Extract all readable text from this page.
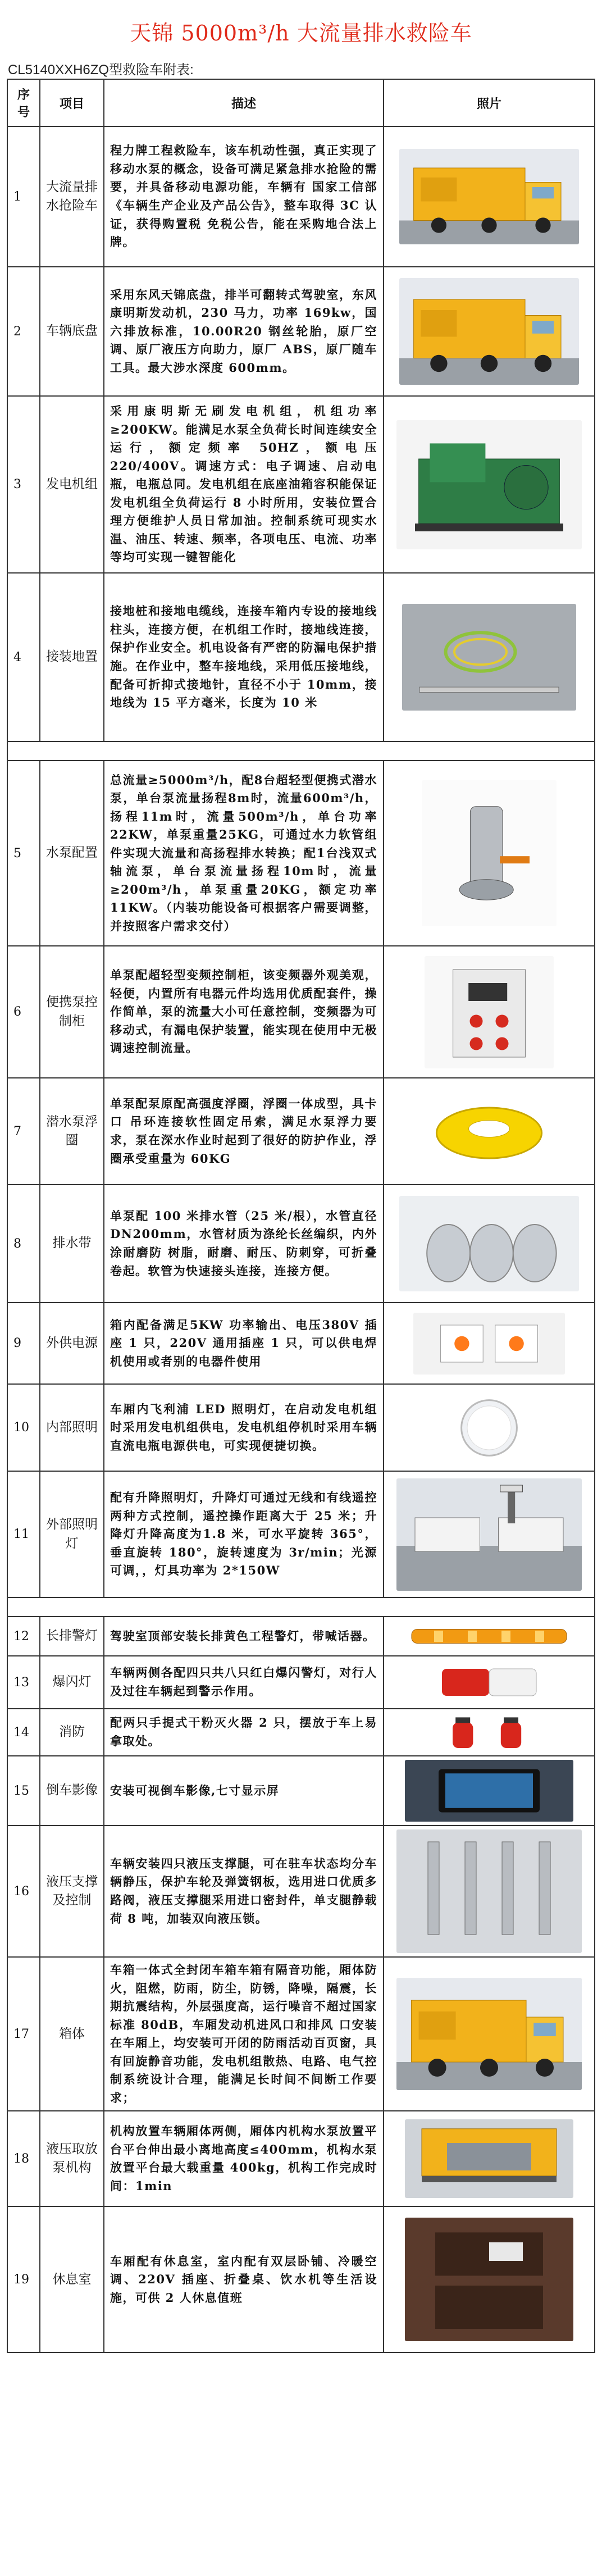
天锦 5000m³/h 大流量排水救险车
CL5140XXH6ZQ型救险车附表:
序号	项目	描述	照片
1	大流量排水抢险车	程力牌工程救险车，该车机动性强，真正实现了移动水泵的概念，设备可满足紧急排水抢险的需要，并具备移动电源功能，车辆有 国家工信部《车辆生产企业及产品公告》，整车取得 3C 认证，获得购置税 免税公告，能在采购地合法上牌。	

2	车辆底盘	采用东风天锦底盘，排半可翻转式驾驶室，东风康明斯发动机，230 马力，功率 169kw，国六排放标准，10.00R20 钢丝轮胎，原厂空调、原厂液压方向助力，原厂 ABS，原厂随车工具。最大涉水深度 600mm。	

3	发电机组	采用康明斯无刷发电机组，机组功率≥200KW。能满足水泵全负荷长时间连续安全运行，额定频率 50HZ，额电压 220/400V。调速方式：电子调速、启动电瓶，电瓶总同。发电机组在底座油箱容积能保证发电机组全负荷运行 8 小时所用，安装位置合理方便维护人员日常加油。控制系统可现实水温、油压、转速、频率，各项电压、电流、功率等均可实现一键智能化	

4	接装地置	接地桩和接地电缆线，连接车箱内专设的接地线柱头，连接方便，在机组工作时，接地线连接，保护作业安全。机电设备有严密的防漏电保护措施。在作业中，整车接地线，采用低压接地线，配备可折抑式接地针，直径不小于 10mm，接地线为 15 平方毫米，长度为 10 米	

5	水泵配置	总流量≥5000m³/h，配8台超轻型便携式潜水泵，单台泵流量扬程8m时，流量600m³/h，扬程11m时，流量500m³/h，单台功率22KW，单泵重量25KG，可通过水力软管组件实现大流量和高扬程排水转换；配1台浅双式轴流泵，单台泵流量扬程10m时，流量≥200m³/h，单泵重量20KG，额定功率11KW。（内装功能设备可根据客户需要调整，并按照客户需求交付）	

6	便携泵控制柜	单泵配超轻型变频控制柜，该变频器外观美观，轻便，内置所有电器元件均选用优质配套件，操作简单，泵的流量大小可任意控制，变频器为可移动式，有漏电保护装置，能实现在使用中无极调速控制流量。	

7	潜水泵浮圈	单泵配泵原配高强度浮圈，浮圈一体成型，具卡 口 吊环连接软性固定吊索，满足水泵浮力要求，泵在深水作业时起到了很好的防护作业，浮圈承受重量为 60KG	

8	排水带	单泵配 100 米排水管（25 米/根），水管直径 DN200mm，水管材质为涤纶长丝编织，内外涂耐磨防 树脂，耐磨、耐压、防刺穿，可折叠卷起。软管为快速接头连接，连接方便。	

9	外供电源	箱内配备满足5KW 功率输出、电压380V 插座 1 只，220V 通用插座 1 只，可以供电焊机使用或者别的电器件使用	

10	内部照明	车厢内飞利浦 LED 照明灯，在启动发电机组时采用发电机组供电，发电机组停机时采用车辆直流电瓶电源供电，可实现便捷切换。	

11	外部照明灯	配有升降照明灯，升降灯可通过无线和有线遥控两种方式控制，遥控操作距离大于 25 米；升降灯升降高度为1.8 米，可水平旋转 365°，垂直旋转 180°，旋转速度为 3r/min；光源可调，，灯具功率为 2*150W	

12	长排警灯	驾驶室顶部安装长排黄色工程警灯，带喊话器。	

13	爆闪灯	车辆两侧各配四只共八只红白爆闪警灯，对行人及过往车辆起到警示作用。	

14	消防	配两只手提式干粉灭火器 2 只，摆放于车上易拿取处。	

15	倒车影像	安装可视倒车影像,七寸显示屏	

16	液压支撑及控制	车辆安装四只液压支撑腿，可在驻车状态均分车辆静压，保护车轮及弹簧钢板，选用进口优质多路阀，液压支撑腿采用进口密封件，单支腿静载荷 8 吨，加装双向液压锁。	

17	箱体	车箱一体式全封闭车箱车箱有隔音功能，厢体防火，阻燃，防雨，防尘，防锈，降噪，隔震，长期抗震结构，外层强度高，运行噪音不超过国家标准 80dB，车厢发动机进风口和排风 口安装在车厢上，均安装可开闭的防雨活动百页窗，具有回旋静音功能，发电机组散热、电路、电气控制系统设计合理，能满足长时间不间断工作要求；	

18	液压取放泵机构	机构放置车辆厢体两侧，厢体内机构水泵放置平台平台伸出最小离地高度≤400mm，机构水泵放置平台最大载重量 400kg，机构工作完成时间：1min	

19	休息室	车厢配有休息室，室内配有双层卧铺、冷暖空调、220V 插座、折叠桌、饮水机等生活设施，可供 2 人休息值班	
